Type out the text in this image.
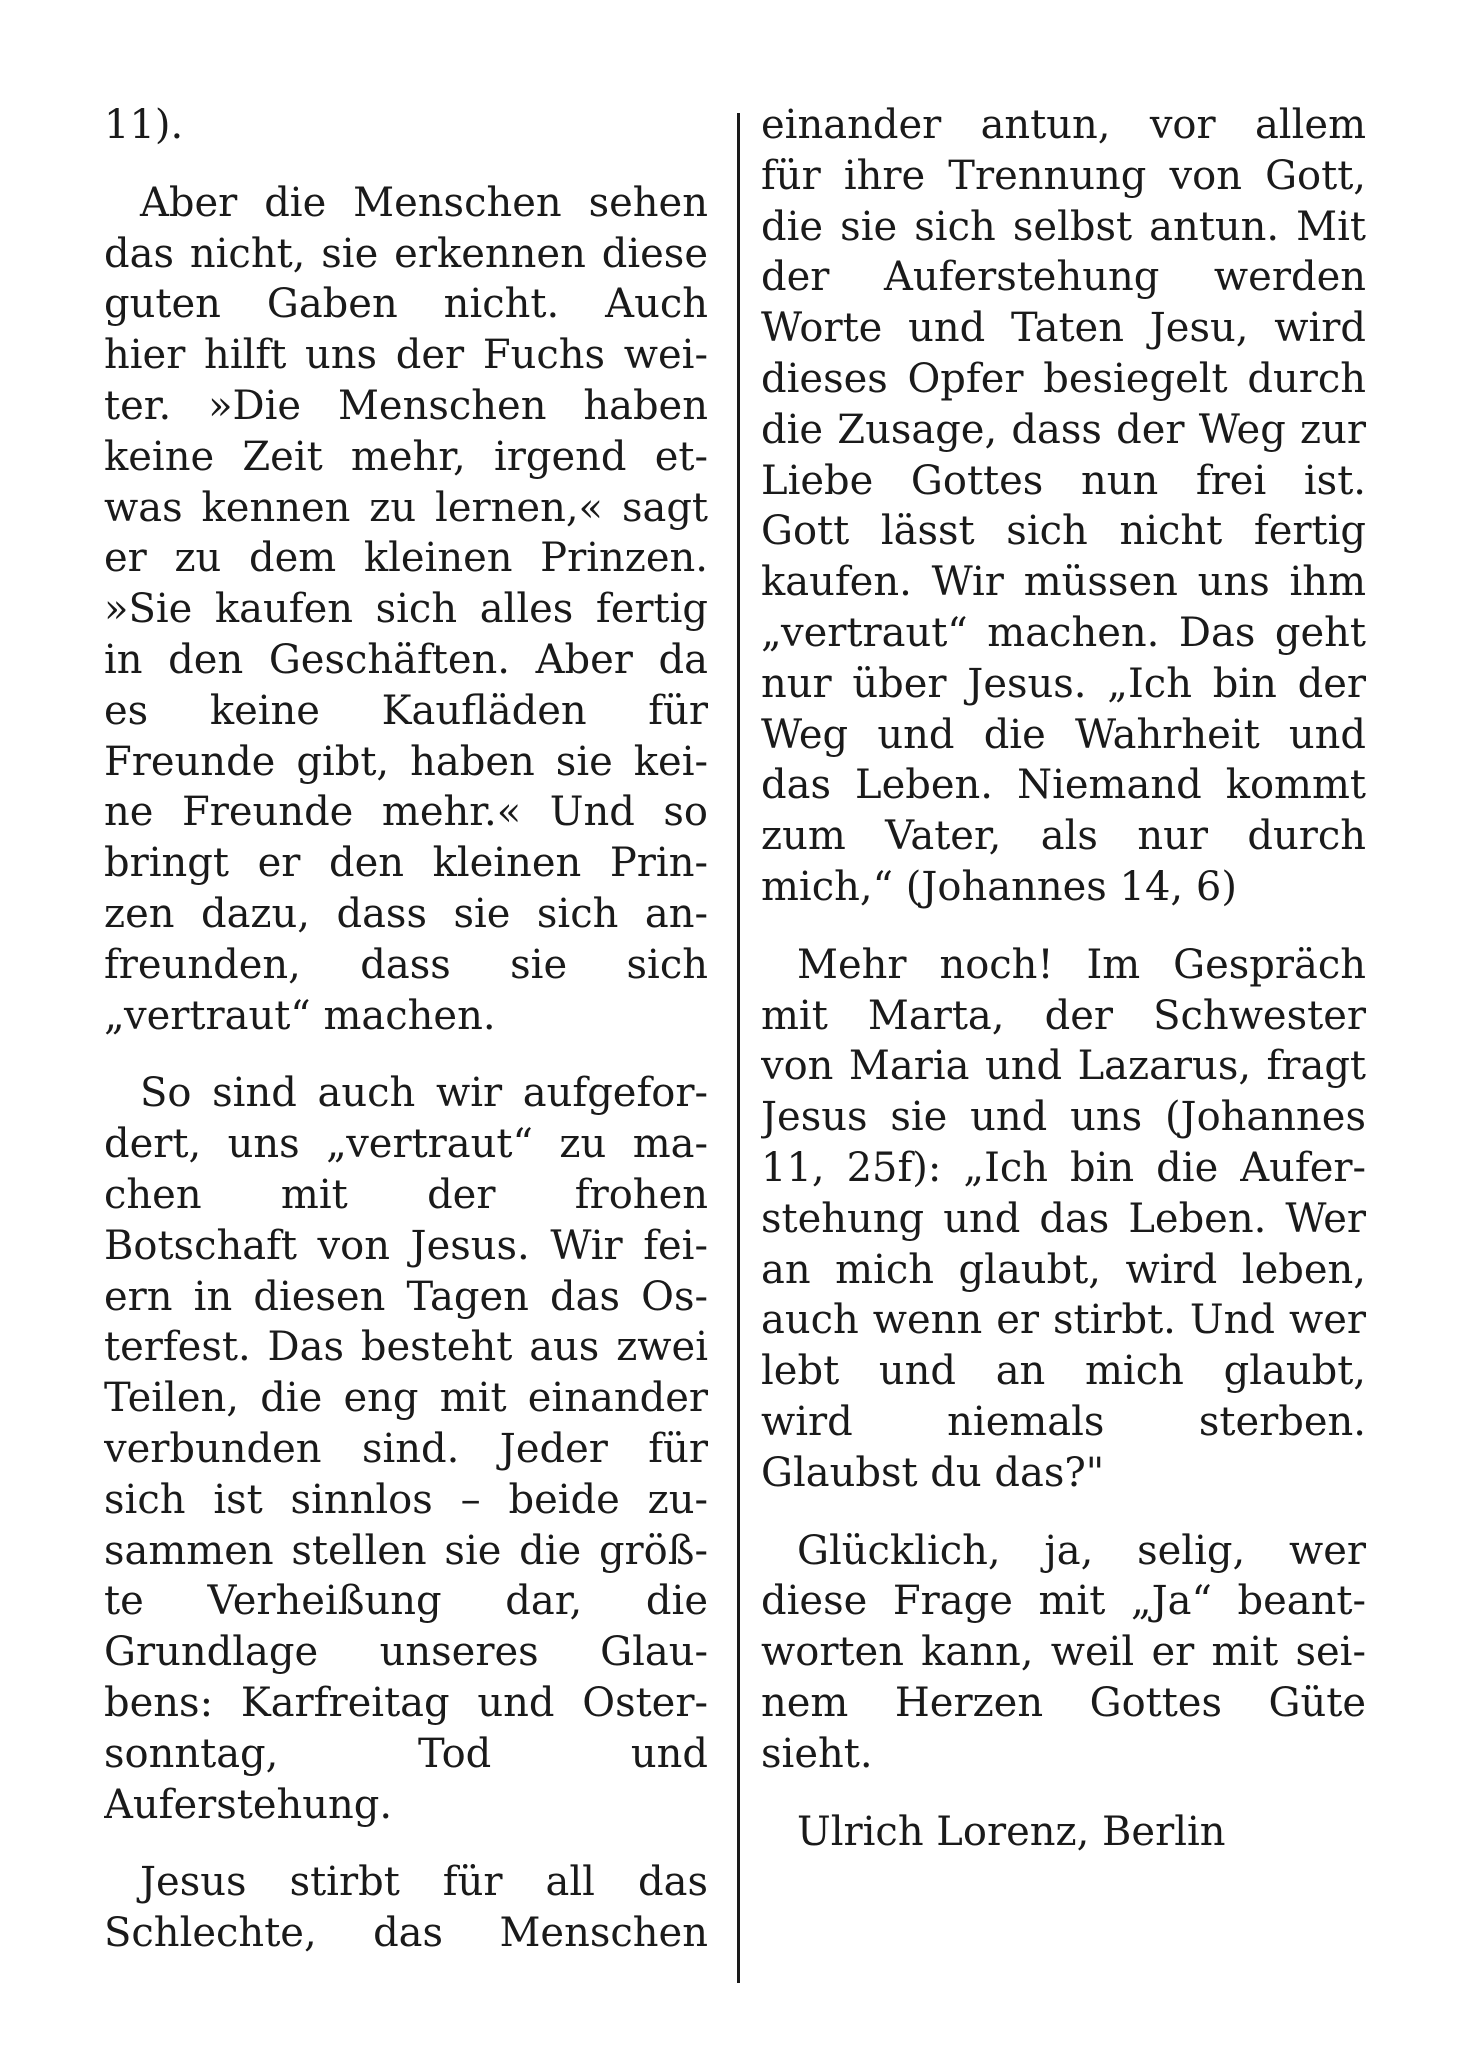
11).
Aber die Menschen sehen
das nicht, sie erkennen diese
guten Gaben nicht. Auch
hier hilft uns der Fuchs wei-
ter. »Die Menschen haben
keine Zeit mehr, irgend et-
was kennen zu lernen,« sagt
er zu dem kleinen Prinzen.
»Sie kaufen sich alles fertig
in den Geschäften. Aber da
es keine Kaufläden für
Freunde gibt, haben sie kei-
ne Freunde mehr.« Und so
bringt er den kleinen Prin-
zen dazu, dass sie sich an-
freunden, dass sie sich
„vertraut“ machen.
So sind auch wir aufgefor-
dert, uns „vertraut“ zu ma-
chen mit der frohen
Botschaft von Jesus. Wir fei-
ern in diesen Tagen das Os-
terfest. Das besteht aus zwei
Teilen, die eng mit einander
verbunden sind. Jeder für
sich ist sinnlos – beide zu-
sammen stellen sie die größ-
te Verheißung dar, die
Grundlage unseres Glau-
bens: Karfreitag und Oster-
sonntag, Tod und
Auferstehung.
Jesus stirbt für all das
Schlechte, das Menschen
einander antun, vor allem
für ihre Trennung von Gott,
die sie sich selbst antun. Mit
der Auferstehung werden
Worte und Taten Jesu, wird
dieses Opfer besiegelt durch
die Zusage, dass der Weg zur
Liebe Gottes nun frei ist.
Gott lässt sich nicht fertig
kaufen. Wir müssen uns ihm
„vertraut“ machen. Das geht
nur über Jesus. „Ich bin der
Weg und die Wahrheit und
das Leben. Niemand kommt
zum Vater, als nur durch
mich,“ (Johannes 14, 6)
Mehr noch! Im Gespräch
mit Marta, der Schwester
von Maria und Lazarus, fragt
Jesus sie und uns (Johannes
11, 25f): „Ich bin die Aufer-
stehung und das Leben. Wer
an mich glaubt, wird leben,
auch wenn er stirbt. Und wer
lebt und an mich glaubt,
wird niemals sterben.
Glaubst du das?"
Glücklich, ja, selig, wer
diese Frage mit „Ja“ beant-
worten kann, weil er mit sei-
nem Herzen Gottes Güte
sieht.
Ulrich Lorenz, Berlin
